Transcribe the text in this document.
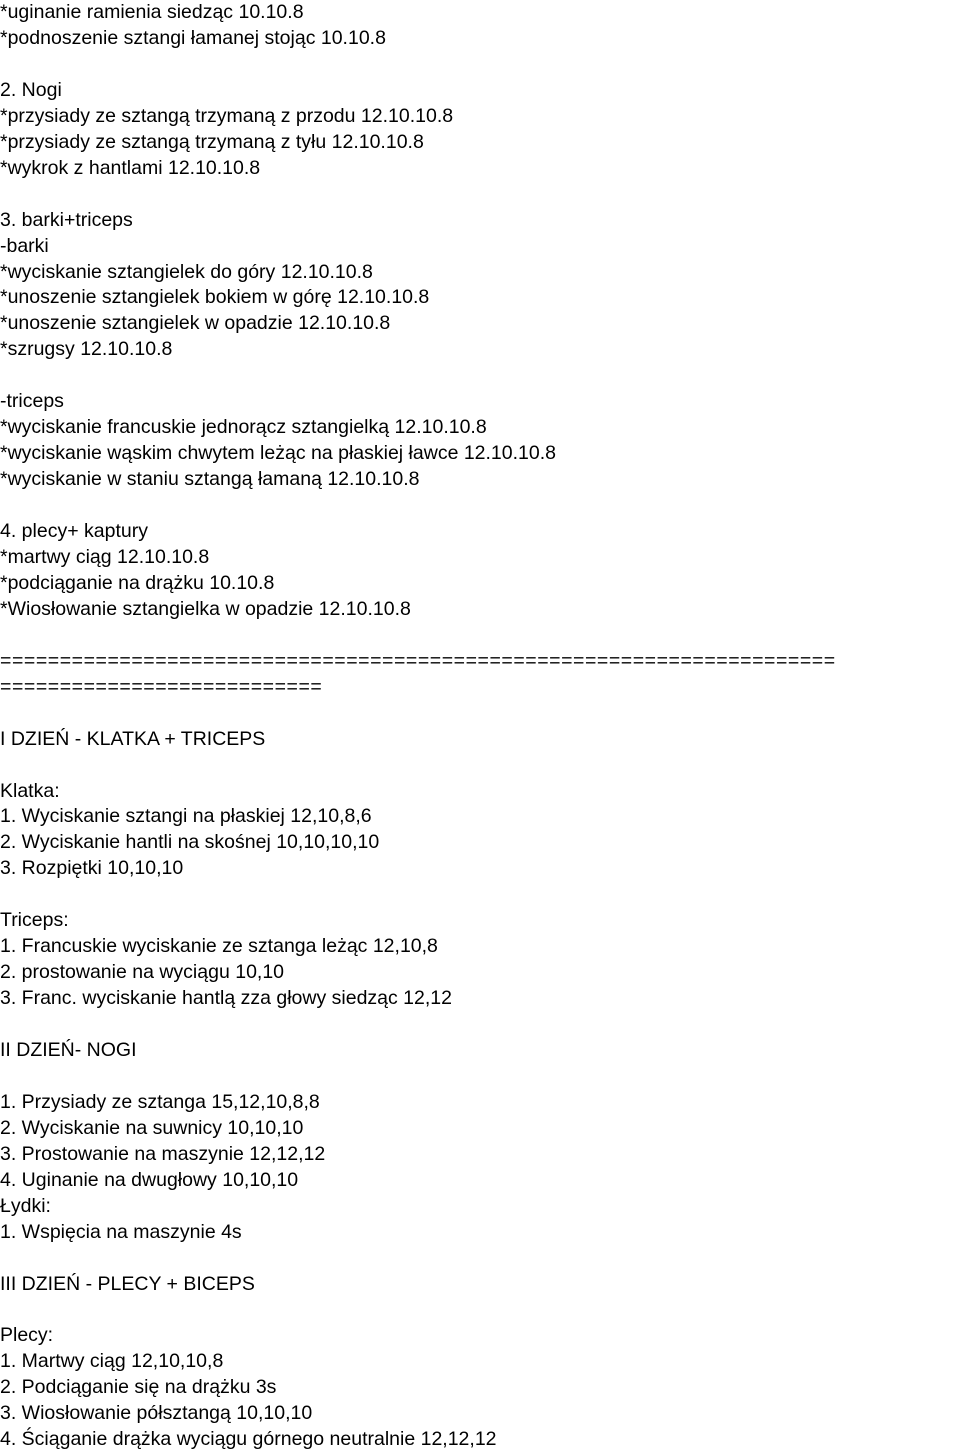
*uginanie ramienia siedząc 10.10.8
*podnoszenie sztangi łamanej stojąc 10.10.8
2. Nogi
*przysiady ze sztangą trzymaną z przodu 12.10.10.8
*przysiady ze sztangą trzymaną z tyłu 12.10.10.8
*wykrok z hantlami 12.10.10.8
3. barki+triceps
-barki
*wyciskanie sztangielek do góry 12.10.10.8
*unoszenie sztangielek bokiem w górę 12.10.10.8
*unoszenie sztangielek w opadzie 12.10.10.8
*szrugsy 12.10.10.8
-triceps
*wyciskanie francuskie jednorącz sztangielką 12.10.10.8
*wyciskanie wąskim chwytem leżąc na płaskiej ławce 12.10.10.8
*wyciskanie w staniu sztangą łamaną 12.10.10.8
4. plecy+ kaptury
*martwy ciąg 12.10.10.8
*podciąganie na drążku 10.10.8
*Wiosłowanie sztangielka w opadzie 12.10.10.8
======================================================================
===========================
I DZIEŃ - KLATKA + TRICEPS
Klatka:
1. Wyciskanie sztangi na płaskiej 12,10,8,6
2. Wyciskanie hantli na skośnej 10,10,10,10
3. Rozpiętki 10,10,10
Triceps:
1. Francuskie wyciskanie ze sztanga leżąc 12,10,8
2. prostowanie na wyciągu 10,10
3. Franc. wyciskanie hantlą zza głowy siedząc 12,12
II DZIEŃ- NOGI
1. Przysiady ze sztanga 15,12,10,8,8
2. Wyciskanie na suwnicy 10,10,10
3. Prostowanie na maszynie 12,12,12
4. Uginanie na dwugłowy 10,10,10
Łydki:
1. Wspięcia na maszynie 4s
III DZIEŃ - PLECY + BICEPS
Plecy:
1. Martwy ciąg 12,10,10,8
2. Podciąganie się na drążku 3s
3. Wiosłowanie półsztangą 10,10,10
4. Ściąganie drążka wyciągu górnego neutralnie 12,12,12
